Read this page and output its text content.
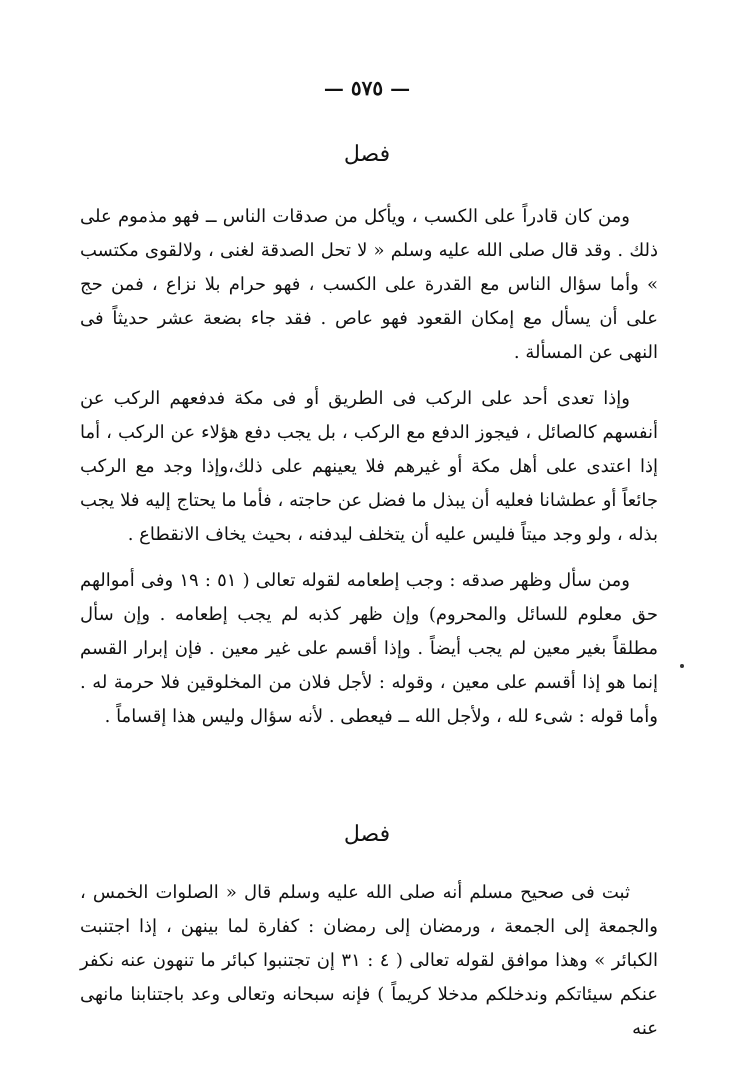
— ٥٧٥ —
فصل

ومن كان قادراً على الكسب ، ويأكل من صدقات الناس ــ فهو مذموم على ذلك . وقد قال صلى الله عليه وسلم « لا تحل الصدقة لغنى ، ولالقوى مكتسب » وأما سؤال الناس مع القدرة على الكسب ، فهو حرام بلا نزاع ، فمن حج على أن يسأل مع إمكان القعود فهو عاص . فقد جاء بضعة عشر حديثاً فى النهى عن المسألة .

وإذا تعدى أحد على الركب فى الطريق أو فى مكة فدفعهم الركب عن أنفسهم كالصائل ، فيجوز الدفع مع الركب ، بل يجب دفع هؤلاء عن الركب ، أما إذا اعتدى على أهل مكة أو غيرهم فلا يعينهم على ذلك،وإذا وجد مع الركب جائعاً أو عطشانا فعليه أن يبذل ما فضل عن حاجته ، فأما ما يحتاج إليه فلا يجب بذله ، ولو وجد ميتاً فليس عليه أن يتخلف ليدفنه ، بحيث يخاف الانقطاع .

ومن سأل وظهر صدقه : وجب إطعامه لقوله تعالى ( ٥١ : ١٩ وفى أموالهم حق معلوم للسائل والمحروم) وإن ظهر كذبه لم يجب إطعامه . وإن سأل مطلقاً بغير معين لم يجب أيضاً . وإذا أقسم على غير معين . فإن إبرار القسم إنما هو إذا أقسم على معين ، وقوله : لأجل فلان من المخلوقين فلا حرمة له . وأما قوله : شىء لله ، ولأجل الله ــ فيعطى . لأنه سؤال وليس هذا إقساماً .

فصل

ثبت فى صحيح مسلم أنه صلى الله عليه وسلم قال « الصلوات الخمس ، والجمعة إلى الجمعة ، ورمضان إلى رمضان : كفارة لما بينهن ، إذا اجتنبت الكبائر » وهذا موافق لقوله تعالى ( ٤ : ٣١ إن تجتنبوا كبائر ما تنهون عنه نكفر عنكم سيئاتكم وندخلكم مدخلا كريماً ) فإنه سبحانه وتعالى وعد باجتنابنا مانهى عنه
